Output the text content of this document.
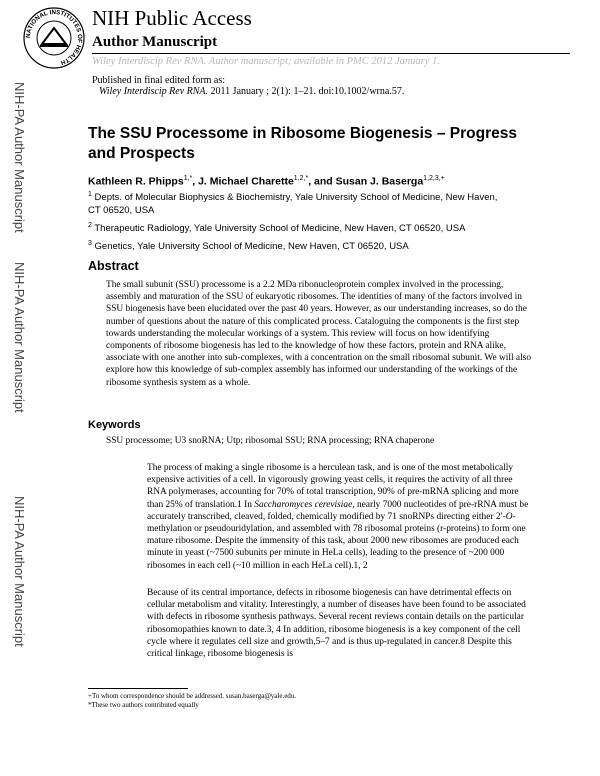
NATIONAL INSTITUTES OF HEALTH
NIH Public Access
Author Manuscript
Wiley Interdiscip Rev RNA. Author manuscript; available in PMC 2012 January 1.
Published in final edited form as:
Wiley Interdiscip Rev RNA. 2011 January ; 2(1): 1–21. doi:10.1002/wrna.57.
NIH-PA Author Manuscript
NIH-PA Author Manuscript
NIH-PA Author Manuscript
The SSU Processome in Ribosome Biogenesis – Progress and Prospects
Kathleen R. Phipps$^{1,*}$, J. Michael Charette$^{1,2,*}$, and Susan J. Baserga$^{1,2,3,+}$
$^1$ Depts. of Molecular Biophysics & Biochemistry, Yale University School of Medicine, New Haven, CT 06520, USA
$^2$ Therapeutic Radiology, Yale University School of Medicine, New Haven, CT 06520, USA
$^3$ Genetics, Yale University School of Medicine, New Haven, CT 06520, USA
Abstract
The small subunit (SSU) processome is a 2.2 MDa ribonucleoprotein complex involved in the processing, assembly and maturation of the SSU of eukaryotic ribosomes. The identities of many of the factors involved in SSU biogenesis have been elucidated over the past 40 years. However, as our understanding increases, so do the number of questions about the nature of this complicated process. Cataloguing the components is the first step towards understanding the molecular workings of a system. This review will focus on how identifying components of ribosome biogenesis has led to the knowledge of how these factors, protein and RNA alike, associate with one another into sub-complexes, with a concentration on the small ribosomal subunit. We will also explore how this knowledge of sub-complex assembly has informed our understanding of the workings of the ribosome synthesis system as a whole.
Keywords
SSU processome; U3 snoRNA; Utp; ribosomal SSU; RNA processing; RNA chaperone
The process of making a single ribosome is a herculean task, and is one of the most metabolically expensive activities of a cell. In vigorously growing yeast cells, it requires the activity of all three RNA polymerases, accounting for 70% of total transcription, 90% of pre-mRNA splicing and more than 25% of translation.1 In Saccharomyces cerevisiae, nearly 7000 nucleotides of pre-rRNA must be accurately transcribed, cleaved, folded, chemically modified by 71 snoRNPs directing either 2′-O-methylation or pseudouridylation, and assembled with 78 ribosomal proteins (r-proteins) to form one mature ribosome. Despite the immensity of this task, about 2000 new ribosomes are produced each minute in yeast (~7500 subunits per minute in HeLa cells), leading to the presence of ~200 000 ribosomes in each cell (~10 million in each HeLa cell).1, 2
Because of its central importance, defects in ribosome biogenesis can have detrimental effects on cellular metabolism and vitality. Interestingly, a number of diseases have been found to be associated with defects in ribosome synthesis pathways. Several recent reviews contain details on the particular ribosomopathies known to date.3, 4 In addition, ribosome biogenesis is a key component of the cell cycle where it regulates cell size and growth,5–7 and is thus up-regulated in cancer.8 Despite this critical linkage, ribosome biogenesis is
+To whom correspondence should be addressed. susan.baserga@yale.edu.
*These two authors contributed equally
